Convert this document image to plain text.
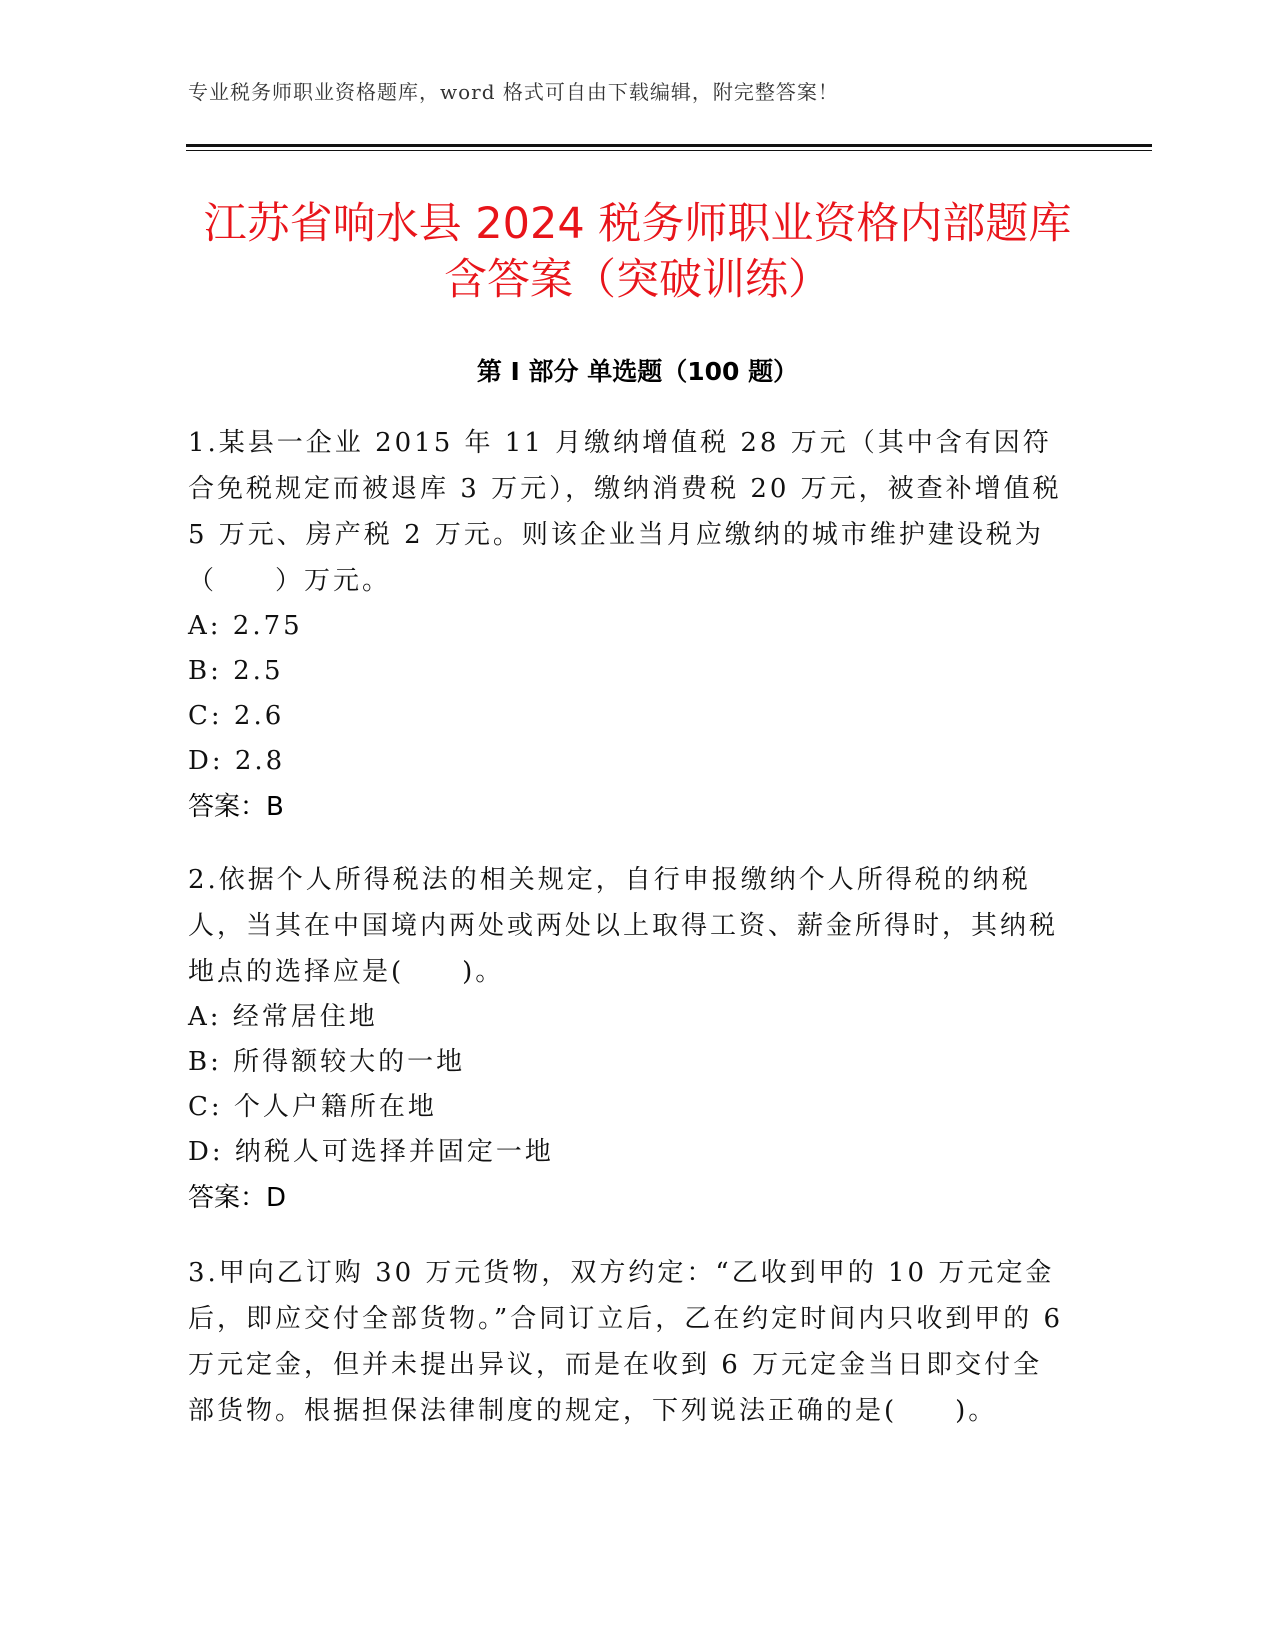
专业税务师职业资格题库，word 格式可自由下载编辑，附完整答案！
江苏省响水县 2024 税务师职业资格内部题库
含答案（突破训练）
第 I 部分 单选题（100 题）

1.某县一企业 2015 年 11 月缴纳增值税 28 万元（其中含有因符合免税规定而被退库 3 万元），缴纳消费税 20 万元，被查补增值税 5 万元、房产税 2 万元。则该企业当月应缴纳的城市维护建设税为（　　）万元。

A: 2.75

B: 2.5

C: 2.6

D: 2.8

答案：B

2.依据个人所得税法的相关规定，自行申报缴纳个人所得税的纳税人，当其在中国境内两处或两处以上取得工资、薪金所得时，其纳税地点的选择应是(　　)。

A: 经常居住地

B: 所得额较大的一地

C: 个人户籍所在地

D: 纳税人可选择并固定一地

答案：D

3.甲向乙订购 30 万元货物，双方约定：“乙收到甲的 10 万元定金后，即应交付全部货物。”合同订立后，乙在约定时间内只收到甲的 6 万元定金，但并未提出异议，而是在收到 6 万元定金当日即交付全部货物。根据担保法律制度的规定，下列说法正确的是(　　)。
